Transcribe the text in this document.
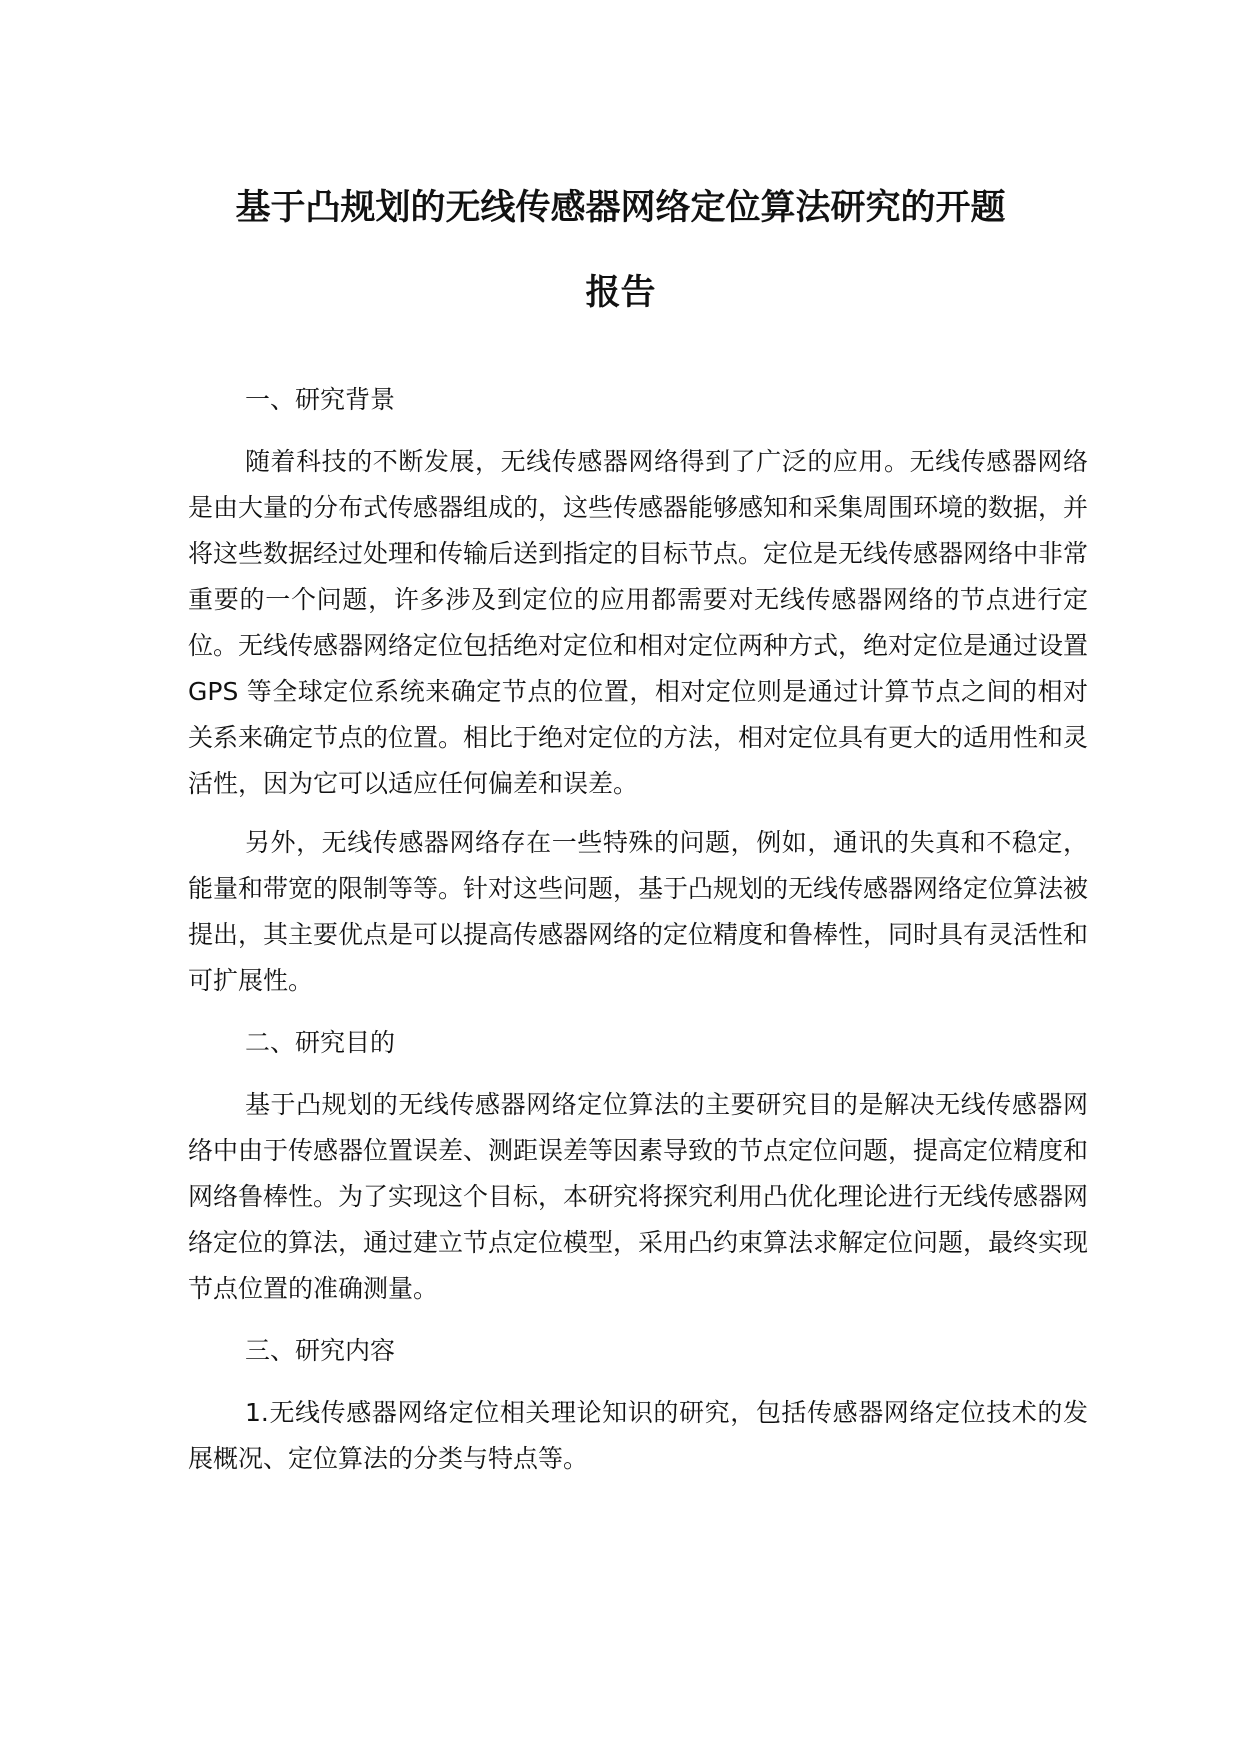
基于凸规划的无线传感器网络定位算法研究的开题
报告
一、研究背景
随着科技的不断发展，无线传感器网络得到了广泛的应用。无线传感器网络是由大量的分布式传感器组成的，这些传感器能够感知和采集周围环境的数据，并将这些数据经过处理和传输后送到指定的目标节点。定位是无线传感器网络中非常重要的一个问题，许多涉及到定位的应用都需要对无线传感器网络的节点进行定位。无线传感器网络定位包括绝对定位和相对定位两种方式，绝对定位是通过设置 GPS 等全球定位系统来确定节点的位置，相对定位则是通过计算节点之间的相对关系来确定节点的位置。相比于绝对定位的方法，相对定位具有更大的适用性和灵活性，因为它可以适应任何偏差和误差。
另外，无线传感器网络存在一些特殊的问题，例如，通讯的失真和不稳定，能量和带宽的限制等等。针对这些问题，基于凸规划的无线传感器网络定位算法被提出，其主要优点是可以提高传感器网络的定位精度和鲁棒性，同时具有灵活性和可扩展性。
二、研究目的
基于凸规划的无线传感器网络定位算法的主要研究目的是解决无线传感器网络中由于传感器位置误差、测距误差等因素导致的节点定位问题，提高定位精度和网络鲁棒性。为了实现这个目标，本研究将探究利用凸优化理论进行无线传感器网络定位的算法，通过建立节点定位模型，采用凸约束算法求解定位问题，最终实现节点位置的准确测量。
三、研究内容
1.无线传感器网络定位相关理论知识的研究，包括传感器网络定位技术的发展概况、定位算法的分类与特点等。
